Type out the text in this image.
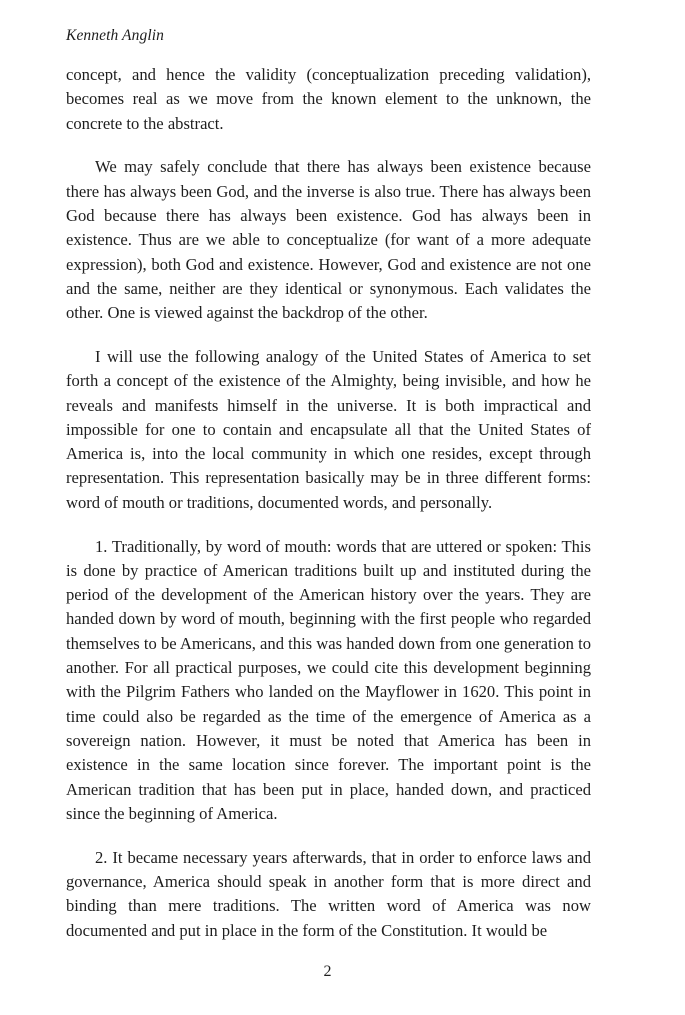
Kenneth Anglin

concept, and hence the validity (conceptualization preceding validation), becomes real as we move from the known element to the unknown, the concrete to the abstract.

We may safely conclude that there has always been existence because there has always been God, and the inverse is also true. There has always been God because there has always been existence. God has always been in existence. Thus are we able to conceptualize (for want of a more adequate expression), both God and existence. However, God and existence are not one and the same, neither are they identical or synonymous. Each validates the other. One is viewed against the backdrop of the other.

I will use the following analogy of the United States of America to set forth a concept of the existence of the Almighty, being invisible, and how he reveals and manifests himself in the universe. It is both impractical and impossible for one to contain and encapsulate all that the United States of America is, into the local community in which one resides, except through representation. This representation basically may be in three different forms: word of mouth or traditions, documented words, and personally.

1. Traditionally, by word of mouth: words that are uttered or spoken: This is done by practice of American traditions built up and instituted during the period of the development of the American history over the years. They are handed down by word of mouth, beginning with the first people who regarded themselves to be Americans, and this was handed down from one generation to another. For all practical purposes, we could cite this development beginning with the Pilgrim Fathers who landed on the Mayflower in 1620. This point in time could also be regarded as the time of the emergence of America as a sovereign nation. However, it must be noted that America has been in existence in the same location since forever. The important point is the American tradition that has been put in place, handed down, and practiced since the beginning of America.

2. It became necessary years afterwards, that in order to enforce laws and governance, America should speak in another form that is more direct and binding than mere traditions. The written word of America was now documented and put in place in the form of the Constitution. It would be

2
